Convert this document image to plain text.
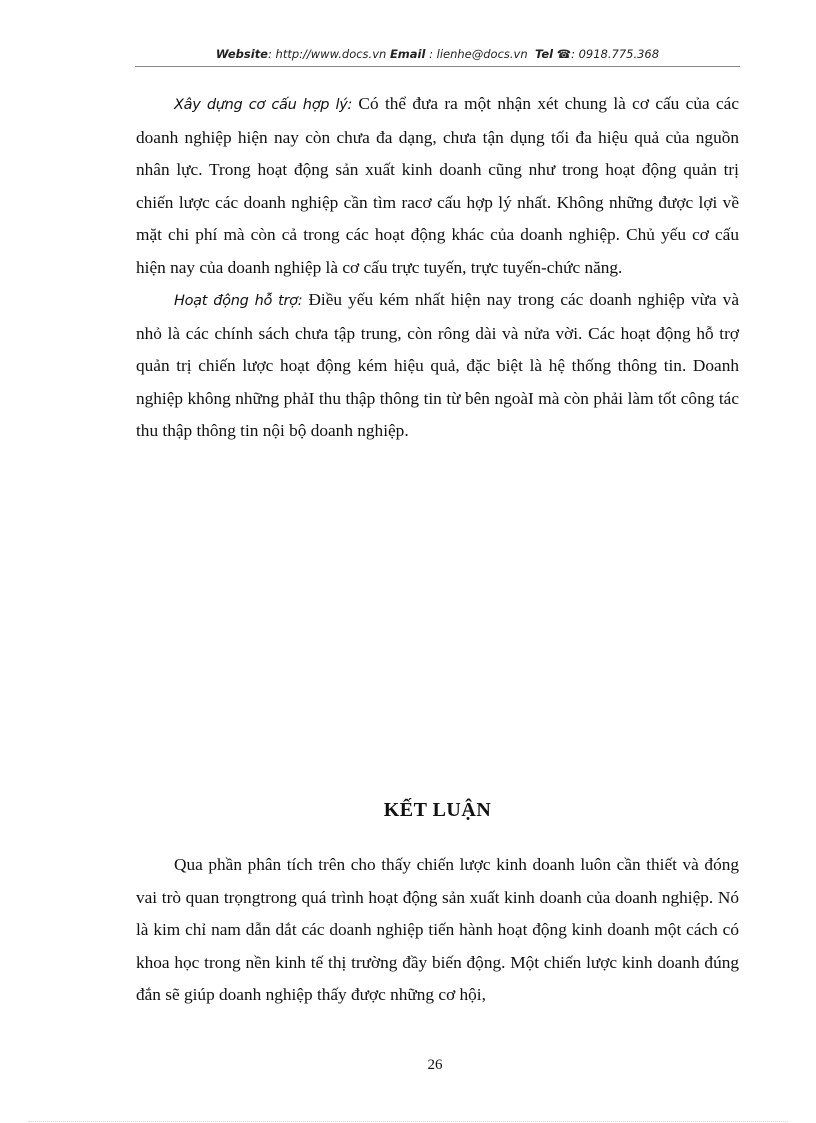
Website: http://www.docs.vn Email : lienhe@docs.vn Tel ☎: 0918.775.368

Xây dựng cơ cấu hợp lý: Có thể đưa ra một nhận xét chung là cơ cấu của các doanh nghiệp hiện nay còn chưa đa dạng, chưa tận dụng tối đa hiệu quả của nguồn nhân lực. Trong hoạt động sản xuất kinh doanh cũng như trong hoạt động quản trị chiến lược các doanh nghiệp cần tìm racơ cấu hợp lý nhất. Không những được lợi về mặt chi phí mà còn cả trong các hoạt động khác của doanh nghiệp. Chủ yếu cơ cấu hiện nay của doanh nghiệp là cơ cấu trực tuyến, trực tuyến-chức năng.

Hoạt động hỗ trợ: Điều yếu kém nhất hiện nay trong các doanh nghiệp vừa và nhỏ là các chính sách chưa tập trung, còn rông dài và nửa vời. Các hoạt động hỗ trợ quản trị chiến lược hoạt động kém hiệu quả, đặc biệt là hệ thống thông tin. Doanh nghiệp không những phảI thu thập thông tin từ bên ngoàI mà còn phải làm tốt công tác thu thập thông tin nội bộ doanh nghiệp.

KẾT LUẬN

Qua phần phân tích trên cho thấy chiến lược kinh doanh luôn cần thiết và đóng vai trò quan trọngtrong quá trình hoạt động sản xuất kinh doanh của doanh nghiệp. Nó là kim chỉ nam dẫn dắt các doanh nghiệp tiến hành hoạt động kinh doanh một cách có khoa học trong nền kinh tế thị trường đầy biến động. Một chiến lược kinh doanh đúng đắn sẽ giúp doanh nghiệp thấy được những cơ hội,

26
